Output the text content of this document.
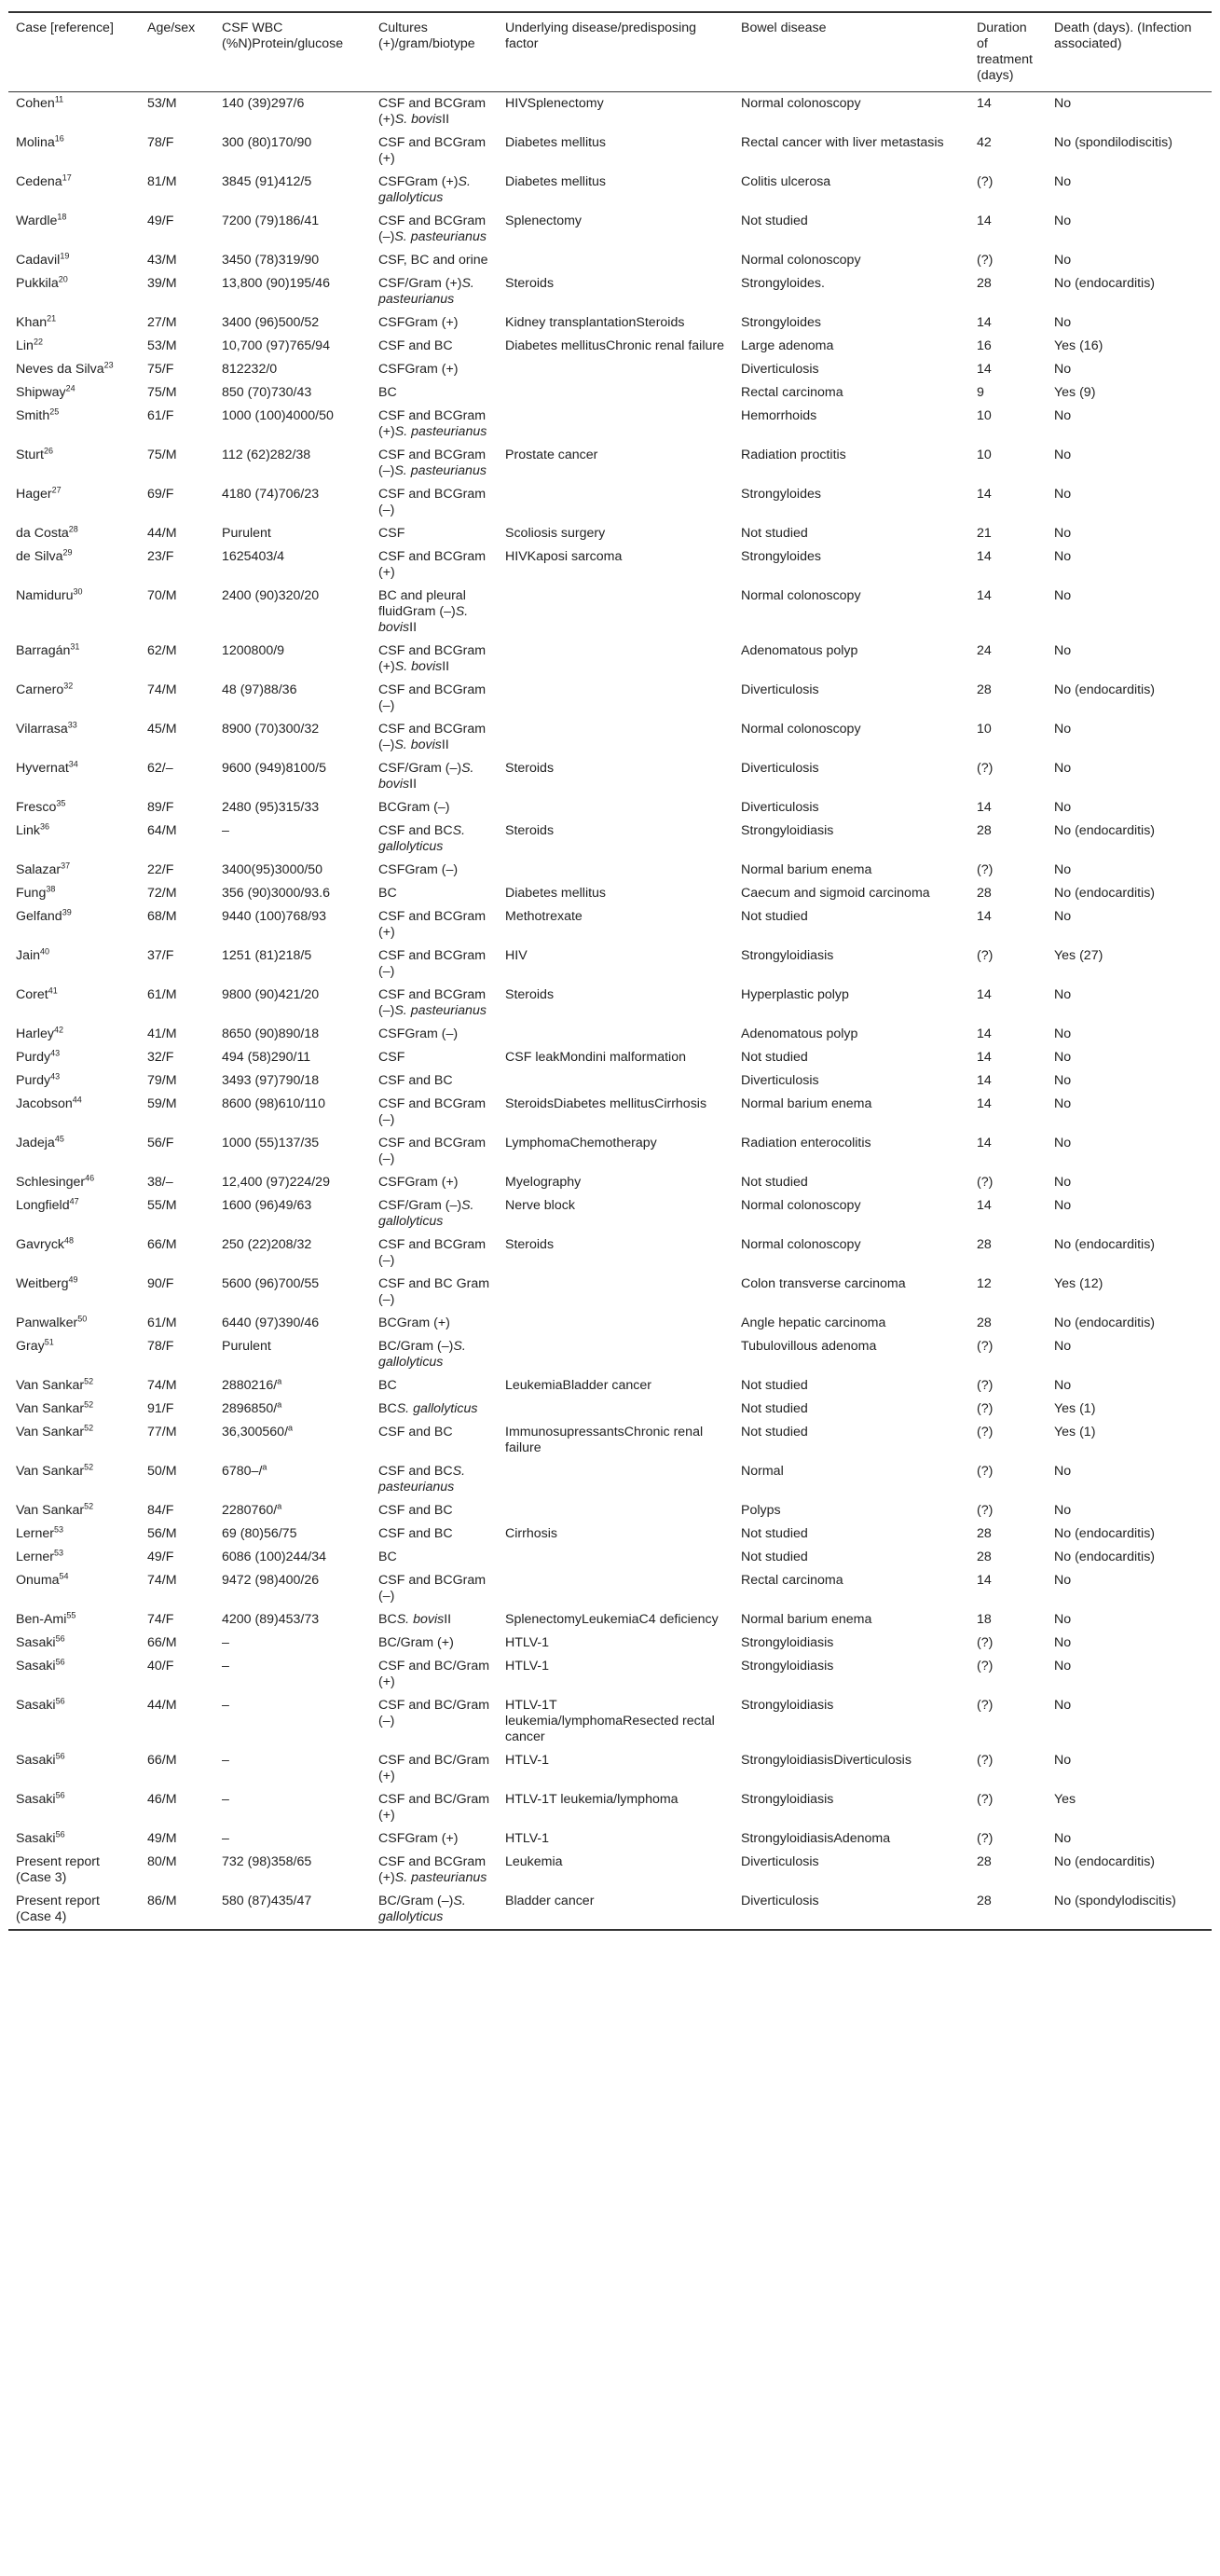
Case [reference]	Age/sex	CSF WBC (%N)Protein/glucose	Cultures (+)/gram/biotype	Underlying disease/predisposing factor	Bowel disease	Duration of treatment (days)	Death (days). (Infection associated)
Cohen$^{11}$	53/M	140 (39)297/6	CSF and BCGram (+)S. bovisII	HIVSplenectomy	Normal colonoscopy	14	No

Molina$^{16}$	78/F	300 (80)170/90	CSF and BCGram (+)	Diabetes mellitus	Rectal cancer with liver metastasis	42	No (spondilodiscitis)
Cedena$^{17}$	81/M	3845 (91)412/5	CSFGram (+)S. gallolyticus	Diabetes mellitus	Colitis ulcerosa	(?)	No
Wardle$^{18}$	49/F	7200 (79)186/41	CSF and BCGram (–)S. pasteurianus	Splenectomy	Not studied	14	No

Cadavil$^{19}$	43/M	3450 (78)319/90	CSF, BC and orine		Normal colonoscopy	(?)	No
Pukkila$^{20}$	39/M	13,800 (90)195/46	CSF/Gram (+)S. pasteurianus	Steroids	Strongyloides.	28	No (endocarditis)
Khan$^{21}$	27/M	3400 (96)500/52	CSFGram (+)	Kidney transplantationSteroids	Strongyloides	14	No
Lin$^{22}$	53/M	10,700 (97)765/94	CSF and BC	Diabetes mellitusChronic renal failure	Large adenoma	16	Yes (16)
Neves da Silva$^{23}$	75/F	812232/0	CSFGram (+)		Diverticulosis	14	No
Shipway$^{24}$	75/M	850 (70)730/43	BC		Rectal carcinoma	9	Yes (9)
Smith$^{25}$	61/F	1000 (100)4000/50	CSF and BCGram (+)S. pasteurianus		Hemorrhoids	10	No
Sturt$^{26}$	75/M	112 (62)282/38	CSF and BCGram (–)S. pasteurianus	Prostate cancer	Radiation proctitis	10	No

Hager$^{27}$	69/F	4180 (74)706/23	CSF and BCGram (–)		Strongyloides	14	No
da Costa$^{28}$	44/M	Purulent	CSF	Scoliosis surgery	Not studied	21	No
de Silva$^{29}$	23/F	1625403/4	CSF and BCGram (+)	HIVKaposi sarcoma	Strongyloides	14	No
Namiduru$^{30}$	70/M	2400 (90)320/20	BC and pleural fluidGram (–)S. bovisII		Normal colonoscopy	14	No

Barragán$^{31}$	62/M	1200800/9	CSF and BCGram (+)S. bovisII		Adenomatous polyp	24	No
Carnero$^{32}$	74/M	48 (97)88/36	CSF and BCGram (–)		Diverticulosis	28	No (endocarditis)
Vilarrasa$^{33}$	45/M	8900 (70)300/32	CSF and BCGram (–)S. bovisII		Normal colonoscopy	10	No
Hyvernat$^{34}$	62/–	9600 (949)8100/5	CSF/Gram (–)S. bovisII	Steroids	Diverticulosis	(?)	No
Fresco$^{35}$	89/F	2480 (95)315/33	BCGram (–)		Diverticulosis	14	No
Link$^{36}$	64/M	–	CSF and BCS. gallolyticus	Steroids	Strongyloidiasis	28	No (endocarditis)
Salazar$^{37}$	22/F	3400(95)3000/50	CSFGram (–)		Normal barium enema	(?)	No
Fung$^{38}$	72/M	356 (90)3000/93.6	BC	Diabetes mellitus	Caecum and sigmoid carcinoma	28	No (endocarditis)
Gelfand$^{39}$	68/M	9440 (100)768/93	CSF and BCGram (+)	Methotrexate	Not studied	14	No
Jain$^{40}$	37/F	1251 (81)218/5	CSF and BCGram (–)	HIV	Strongyloidiasis	(?)	Yes (27)
Coret$^{41}$	61/M	9800 (90)421/20	CSF and BCGram (–)S. pasteurianus	Steroids	Hyperplastic polyp	14	No

Harley$^{42}$	41/M	8650 (90)890/18	CSFGram (–)		Adenomatous polyp	14	No
Purdy$^{43}$	32/F	494 (58)290/11	CSF	CSF leakMondini malformation	Not studied	14	No
Purdy$^{43}$	79/M	3493 (97)790/18	CSF and BC		Diverticulosis	14	No
Jacobson$^{44}$	59/M	8600 (98)610/110	CSF and BCGram (–)	SteroidsDiabetes mellitusCirrhosis	Normal barium enema	14	No
Jadeja$^{45}$	56/F	1000 (55)137/35	CSF and BCGram (–)	LymphomaChemotherapy	Radiation enterocolitis	14	No
Schlesinger$^{46}$	38/–	12,400 (97)224/29	CSFGram (+)	Myelography	Not studied	(?)	No
Longfield$^{47}$	55/M	1600 (96)49/63	CSF/Gram (–)S. gallolyticus	Nerve block	Normal colonoscopy	14	No

Gavryck$^{48}$	66/M	250 (22)208/32	CSF and BCGram (–)	Steroids	Normal colonoscopy	28	No (endocarditis)
Weitberg$^{49}$	90/F	5600 (96)700/55	CSF and BC Gram (–)		Colon transverse carcinoma	12	Yes (12)
Panwalker$^{50}$	61/M	6440 (97)390/46	BCGram (+)		Angle hepatic carcinoma	28	No (endocarditis)
Gray$^{51}$	78/F	Purulent	BC/Gram (–)S. gallolyticus		Tubulovillous adenoma	(?)	No

Van Sankar$^{52}$	74/M	2880216/$^a$	BC	LeukemiaBladder cancer	Not studied	(?)	No
Van Sankar$^{52}$	91/F	2896850/$^a$	BCS. gallolyticus		Not studied	(?)	Yes (1)
Van Sankar$^{52}$	77/M	36,300560/$^a$	CSF and BC	ImmunosupressantsChronic renal failure	Not studied	(?)	Yes (1)
Van Sankar$^{52}$	50/M	6780–/$^a$	CSF and BCS. pasteurianus		Normal	(?)	No

Van Sankar$^{52}$	84/F	2280760/$^a$	CSF and BC		Polyps	(?)	No
Lerner$^{53}$	56/M	69 (80)56/75	CSF and BC	Cirrhosis	Not studied	28	No (endocarditis)
Lerner$^{53}$	49/F	6086 (100)244/34	BC		Not studied	28	No (endocarditis)
Onuma$^{54}$	74/M	9472 (98)400/26	CSF and BCGram (–)		Rectal carcinoma	14	No
Ben-Ami$^{55}$	74/F	4200 (89)453/73	BCS. bovisII	SplenectomyLeukemiaC4 deficiency	Normal barium enema	18	No
Sasaki$^{56}$	66/M	–	BC/Gram (+)	HTLV-1	Strongyloidiasis	(?)	No
Sasaki$^{56}$	40/F	–	CSF and BC/Gram (+)	HTLV-1	Strongyloidiasis	(?)	No
Sasaki$^{56}$	44/M	–	CSF and BC/Gram (–)	HTLV-1T leukemia/lymphomaResected rectal cancer	Strongyloidiasis	(?)	No
Sasaki$^{56}$	66/M	–	CSF and BC/Gram (+)	HTLV-1	StrongyloidiasisDiverticulosis	(?)	No
Sasaki$^{56}$	46/M	–	CSF and BC/Gram (+)	HTLV-1T leukemia/lymphoma	Strongyloidiasis	(?)	Yes
Sasaki$^{56}$	49/M	–	CSFGram (+)	HTLV-1	StrongyloidiasisAdenoma	(?)	No
Present report (Case 3)	80/M	732 (98)358/65	CSF and BCGram (+)S. pasteurianus	Leukemia	Diverticulosis	28	No (endocarditis)

Present report (Case 4)	86/M	580 (87)435/47	BC/Gram (–)S. gallolyticus	Bladder cancer	Diverticulosis	28	No (spondylodiscitis)
